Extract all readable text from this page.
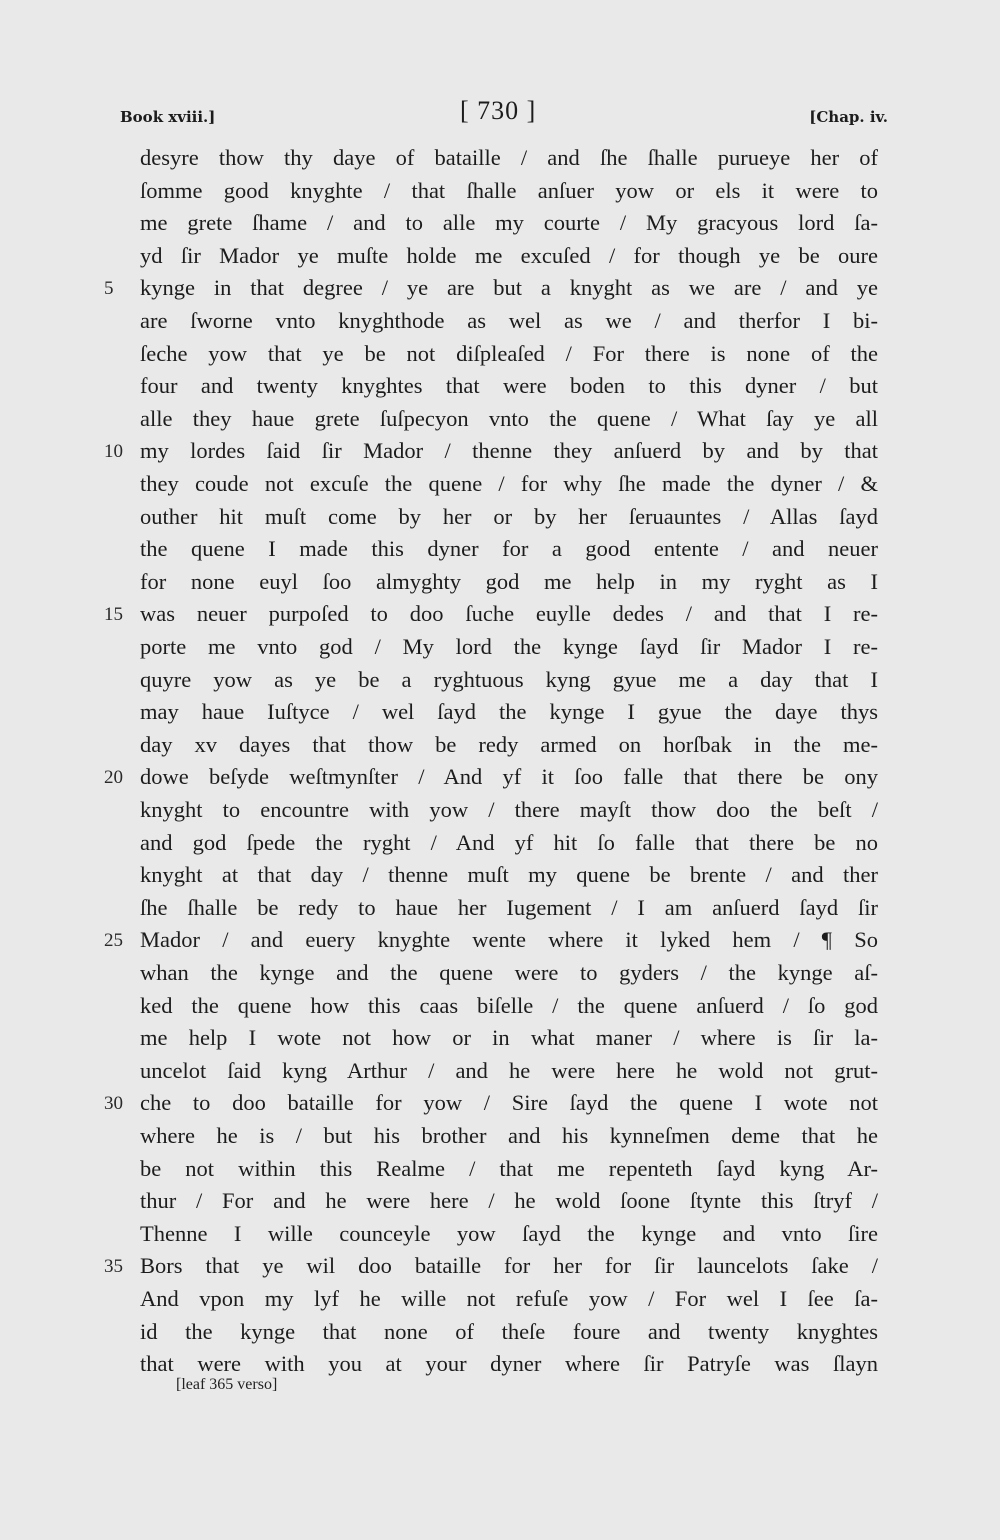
Book xviii.]	[ 730 ]	[Chap. iv.
desyre thow thy daye of bataille / and ſhe ſhalle purueye her of
ſomme good knyghte / that ſhalle anſuer yow or els it were to
me grete ſhame / and to alle my courte / My gracyous lord ſa-
yd ſir Mador ye muſte holde me excuſed / for though ye be oure
5	kynge in that degree / ye are but a knyght as we are / and ye
are ſworne vnto knyghthode as wel as we / and therfor I bi-
ſeche yow that ye be not diſpleaſed / For there is none of the
four and twenty knyghtes that were boden to this dyner / but
alle they haue grete ſuſpecyon vnto the quene / What ſay ye all
10 my lordes ſaid ſir Mador / thenne they anſuerd by and by that
they coude not excuſe the quene / for why ſhe made the dyner / &
outher hit muſt come by her or by her ſeruauntes / Allas ſayd
the quene I made this dyner for a good entente / and neuer
for none euyl ſoo almyghty god me help in my ryght as I
15 was neuer purpoſed to doo ſuche euylle dedes / and that I re-
porte me vnto god / My lord the kynge ſayd ſir Mador I re-
quyre yow as ye be a ryghtuous kyng gyue me a day that I
may haue Iuſtyce / wel ſayd the kynge I gyue the daye thys
day xv dayes that thow be redy armed on horſbak in the me-
20 dowe beſyde weſtmynſter / And yf it ſoo falle that there be ony
knyght to encountre with yow / there mayſt thow doo the beſt /
and god ſpede the ryght / And yf hit ſo falle that there be no
knyght at that day / thenne muſt my quene be brente / and ther
ſhe ſhalle be redy to haue her Iugement / I am anſuerd ſayd ſir
25 Mador / and euery knyghte wente where it lyked hem / ¶ So
whan the kynge and the quene were to gyders / the kynge aſ-
ked the quene how this caas biſelle / the quene anſuerd / ſo god
me help I wote not how or in what maner / where is ſir la-
uncelot ſaid kyng Arthur / and he were here he wold not grut-
30 che to doo bataille for yow / Sire ſayd the quene I wote not
where he is / but his brother and his kynneſmen deme that he
be not within this Realme / that me repenteth ſayd kyng Ar-
thur / For and he were here / he wold ſoone ſtynte this ſtryf /
Thenne I wille counceyle yow ſayd the kynge and vnto ſire
35 Bors that ye wil doo bataille for her for ſir launcelots ſake /
And vpon my lyf he wille not refuſe yow / For wel I ſee ſa-
id the kynge that none of theſe foure and twenty knyghtes
that were with you at your dyner where ſir Patryſe was ſlayn
[leaf 365 verso]
